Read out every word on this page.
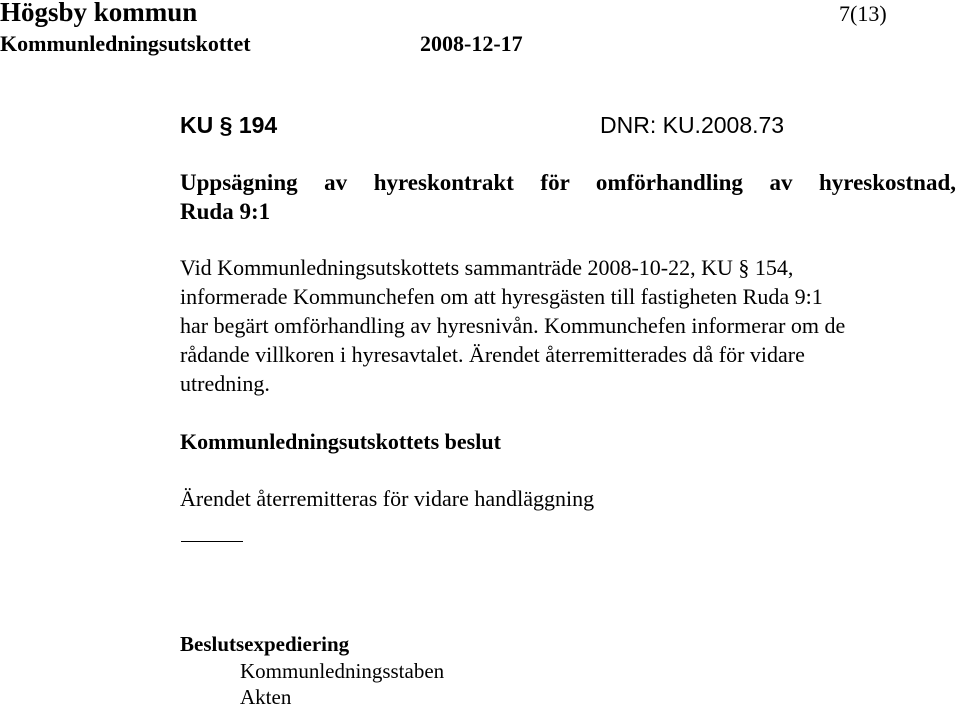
Högsby kommun	7(13)
Kommunledningsutskottet	2008-12-17
KU § 194	DNR: KU.2008.73
Uppsägning av hyreskontrakt för omförhandling av hyreskostnad,
Ruda 9:1
Vid Kommunledningsutskottets sammanträde 2008-10-22, KU § 154,
informerade Kommunchefen om att hyresgästen till fastigheten Ruda 9:1
har begärt omförhandling av hyresnivån. Kommunchefen informerar om de
rådande villkoren i hyresavtalet. Ärendet återremitterades då för vidare
utredning.
Kommunledningsutskottets beslut
Ärendet återremitteras för vidare handläggning
Beslutsexpediering
Kommunledningsstaben
Akten
